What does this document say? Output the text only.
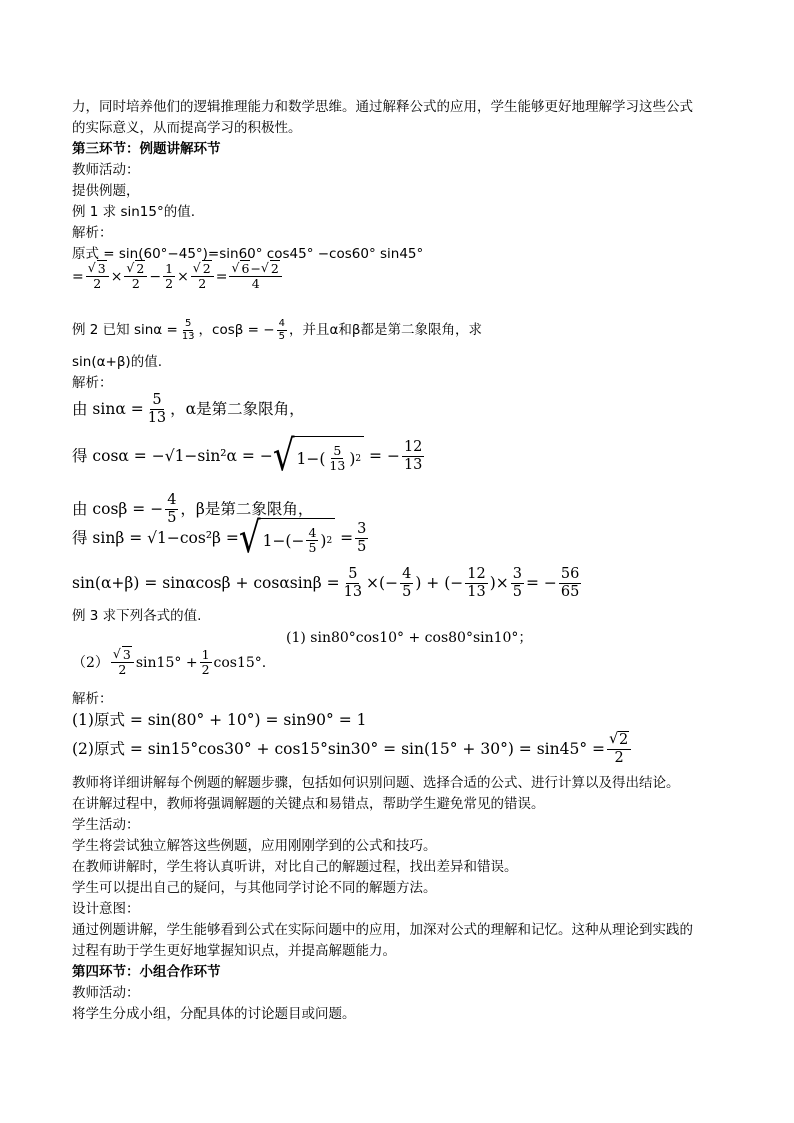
力，同时培养他们的逻辑推理能力和数学思维。通过解释公式的应用，学生能够更好地理解学习这些公式
的实际意义，从而提高学习的积极性。
第三环节：例题讲解环节
教师活动：
提供例题，
例 1 求 sin15°的值.
解析：
原式 = sin(60°−45°)=sin60° cos45° −cos60° sin45°
= √ $\frac{3}{2}$ × √ $\frac{2}{2} - \frac{1}{2}$ × √ $\frac{2}{2}$ = √ $\frac{6- √ 2}{4}$
例 2 已知 $\sin\alpha = \frac{5}{13}$ ，cosβ = − $\frac{4}{5}$ ，并且α和β都是第二象限角，求
sin(α+β)的值.
解析：
由 $\sin\alpha = \frac{5}{13}$ ，α是第二象限角，
得 cosα = −√1−sin²α = − √ $1-( \frac{5}{13}$ ) 2 = − $\frac{12}{13}$
由 cosβ = − $\frac{4}{5}$ ，β是第二象限角，
得 sinβ = √1−cos²β = √ $1-(- \frac{4}{5}$ ) $2 = \frac{3}{5}$
$\sin(\alpha+\beta) = \sin\alpha\cos\beta + \cos\alpha\sin\beta = \frac{5}{13}$ ×(− $\frac{4}{5}$ ) + (− $\frac{12}{13}$ )× $\frac{3}{5}$ = − $\frac{56}{65}$
例 3 求下列各式的值.
(1) sin80°cos10° + cos80°sin10°；
（2） √ $\frac{3}{2} \sin 15^\circ + \frac{1}{2} \cos 15^\circ$.
解析：
(1)原式 = sin(80° + 10°) = sin90° = 1
(2)原式 = sin15°cos30° + cos15°sin30° = sin(15° + 30°) = sin45° = √ $\frac{2}{2}$
教师将详细讲解每个例题的解题步骤，包括如何识别问题、选择合适的公式、进行计算以及得出结论。
在讲解过程中，教师将强调解题的关键点和易错点，帮助学生避免常见的错误。
学生活动：
学生将尝试独立解答这些例题，应用刚刚学到的公式和技巧。
在教师讲解时，学生将认真听讲，对比自己的解题过程，找出差异和错误。
学生可以提出自己的疑问，与其他同学讨论不同的解题方法。
设计意图：
通过例题讲解，学生能够看到公式在实际问题中的应用，加深对公式的理解和记忆。这种从理论到实践的
过程有助于学生更好地掌握知识点，并提高解题能力。
第四环节：小组合作环节
教师活动：
将学生分成小组，分配具体的讨论题目或问题。
